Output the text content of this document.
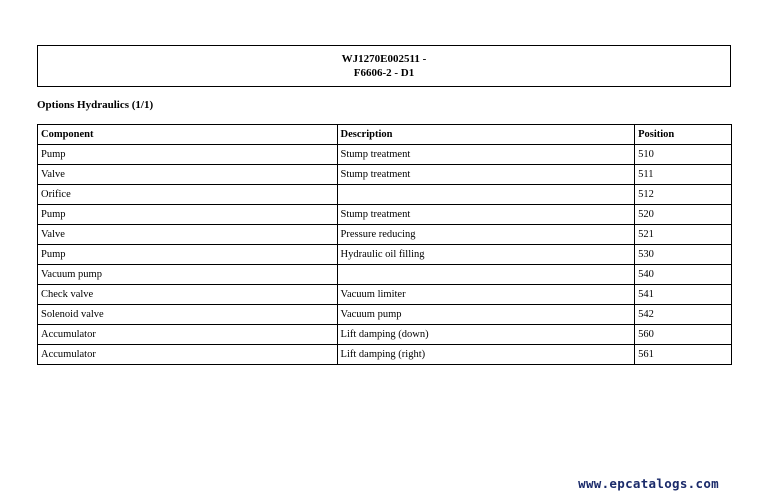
WJ1270E002511 -
F6606-2 - D1
Options Hydraulics (1/1)
Component	Description	Position
Pump	Stump treatment	510
Valve	Stump treatment	511
Orifice		512
Pump	Stump treatment	520
Valve	Pressure reducing	521
Pump	Hydraulic oil filling	530
Vacuum pump		540
Check valve	Vacuum limiter	541
Solenoid valve	Vacuum pump	542
Accumulator	Lift damping (down)	560
Accumulator	Lift damping (right)	561
www.epcatalogs.com
